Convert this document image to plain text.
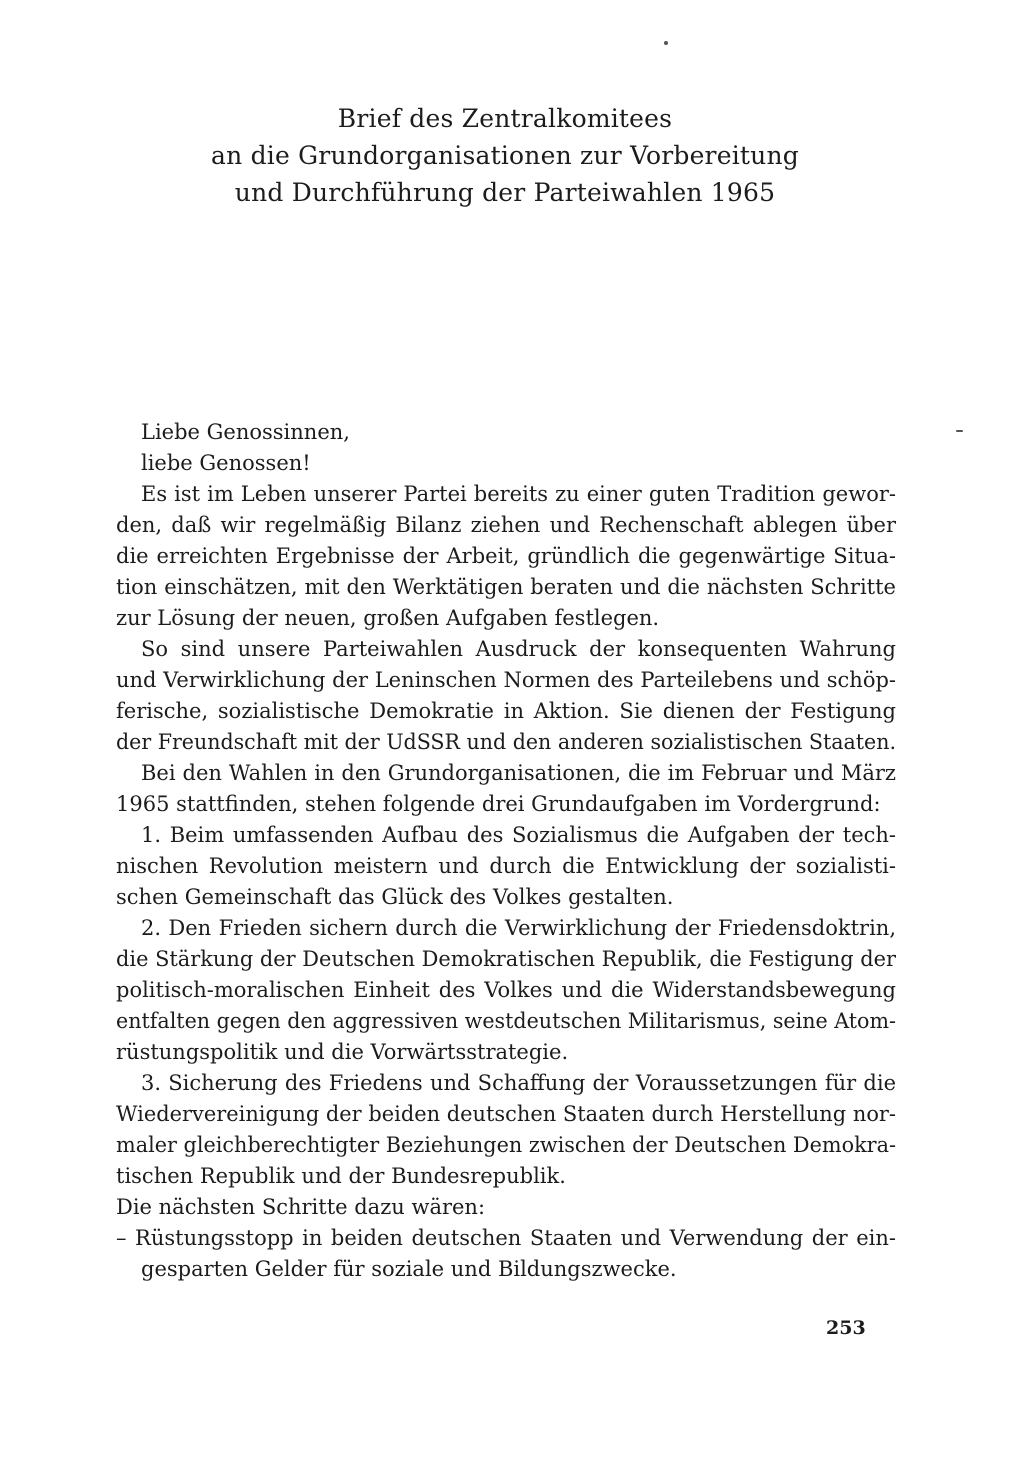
Brief des Zentralkomitees
an die Grundorganisationen zur Vorbereitung
und Durchführung der Parteiwahlen 1965
Liebe Genossinnen,
liebe Genossen!
Es ist im Leben unserer Partei bereits zu einer guten Tradition gewor-
den, daß wir regelmäßig Bilanz ziehen und Rechenschaft ablegen über
die erreichten Ergebnisse der Arbeit, gründlich die gegenwärtige Situa-
tion einschätzen, mit den Werktätigen beraten und die nächsten Schritte
zur Lösung der neuen, großen Aufgaben festlegen.
So sind unsere Parteiwahlen Ausdruck der konsequenten Wahrung
und Verwirklichung der Leninschen Normen des Parteilebens und schöp-
ferische, sozialistische Demokratie in Aktion. Sie dienen der Festigung
der Freundschaft mit der UdSSR und den anderen sozialistischen Staaten.
Bei den Wahlen in den Grundorganisationen, die im Februar und März
1965 stattfinden, stehen folgende drei Grundaufgaben im Vordergrund:
1. Beim umfassenden Aufbau des Sozialismus die Aufgaben der tech-
nischen Revolution meistern und durch die Entwicklung der sozialisti-
schen Gemeinschaft das Glück des Volkes gestalten.
2. Den Frieden sichern durch die Verwirklichung der Friedensdoktrin,
die Stärkung der Deutschen Demokratischen Republik, die Festigung der
politisch-moralischen Einheit des Volkes und die Widerstandsbewegung
entfalten gegen den aggressiven westdeutschen Militarismus, seine Atom-
rüstungspolitik und die Vorwärtsstrategie.
3. Sicherung des Friedens und Schaffung der Voraussetzungen für die
Wiedervereinigung der beiden deutschen Staaten durch Herstellung nor-
maler gleichberechtigter Beziehungen zwischen der Deutschen Demokra-
tischen Republik und der Bundesrepublik.
Die nächsten Schritte dazu wären:
– Rüstungsstopp in beiden deutschen Staaten und Verwendung der ein-
gesparten Gelder für soziale und Bildungszwecke.
253
